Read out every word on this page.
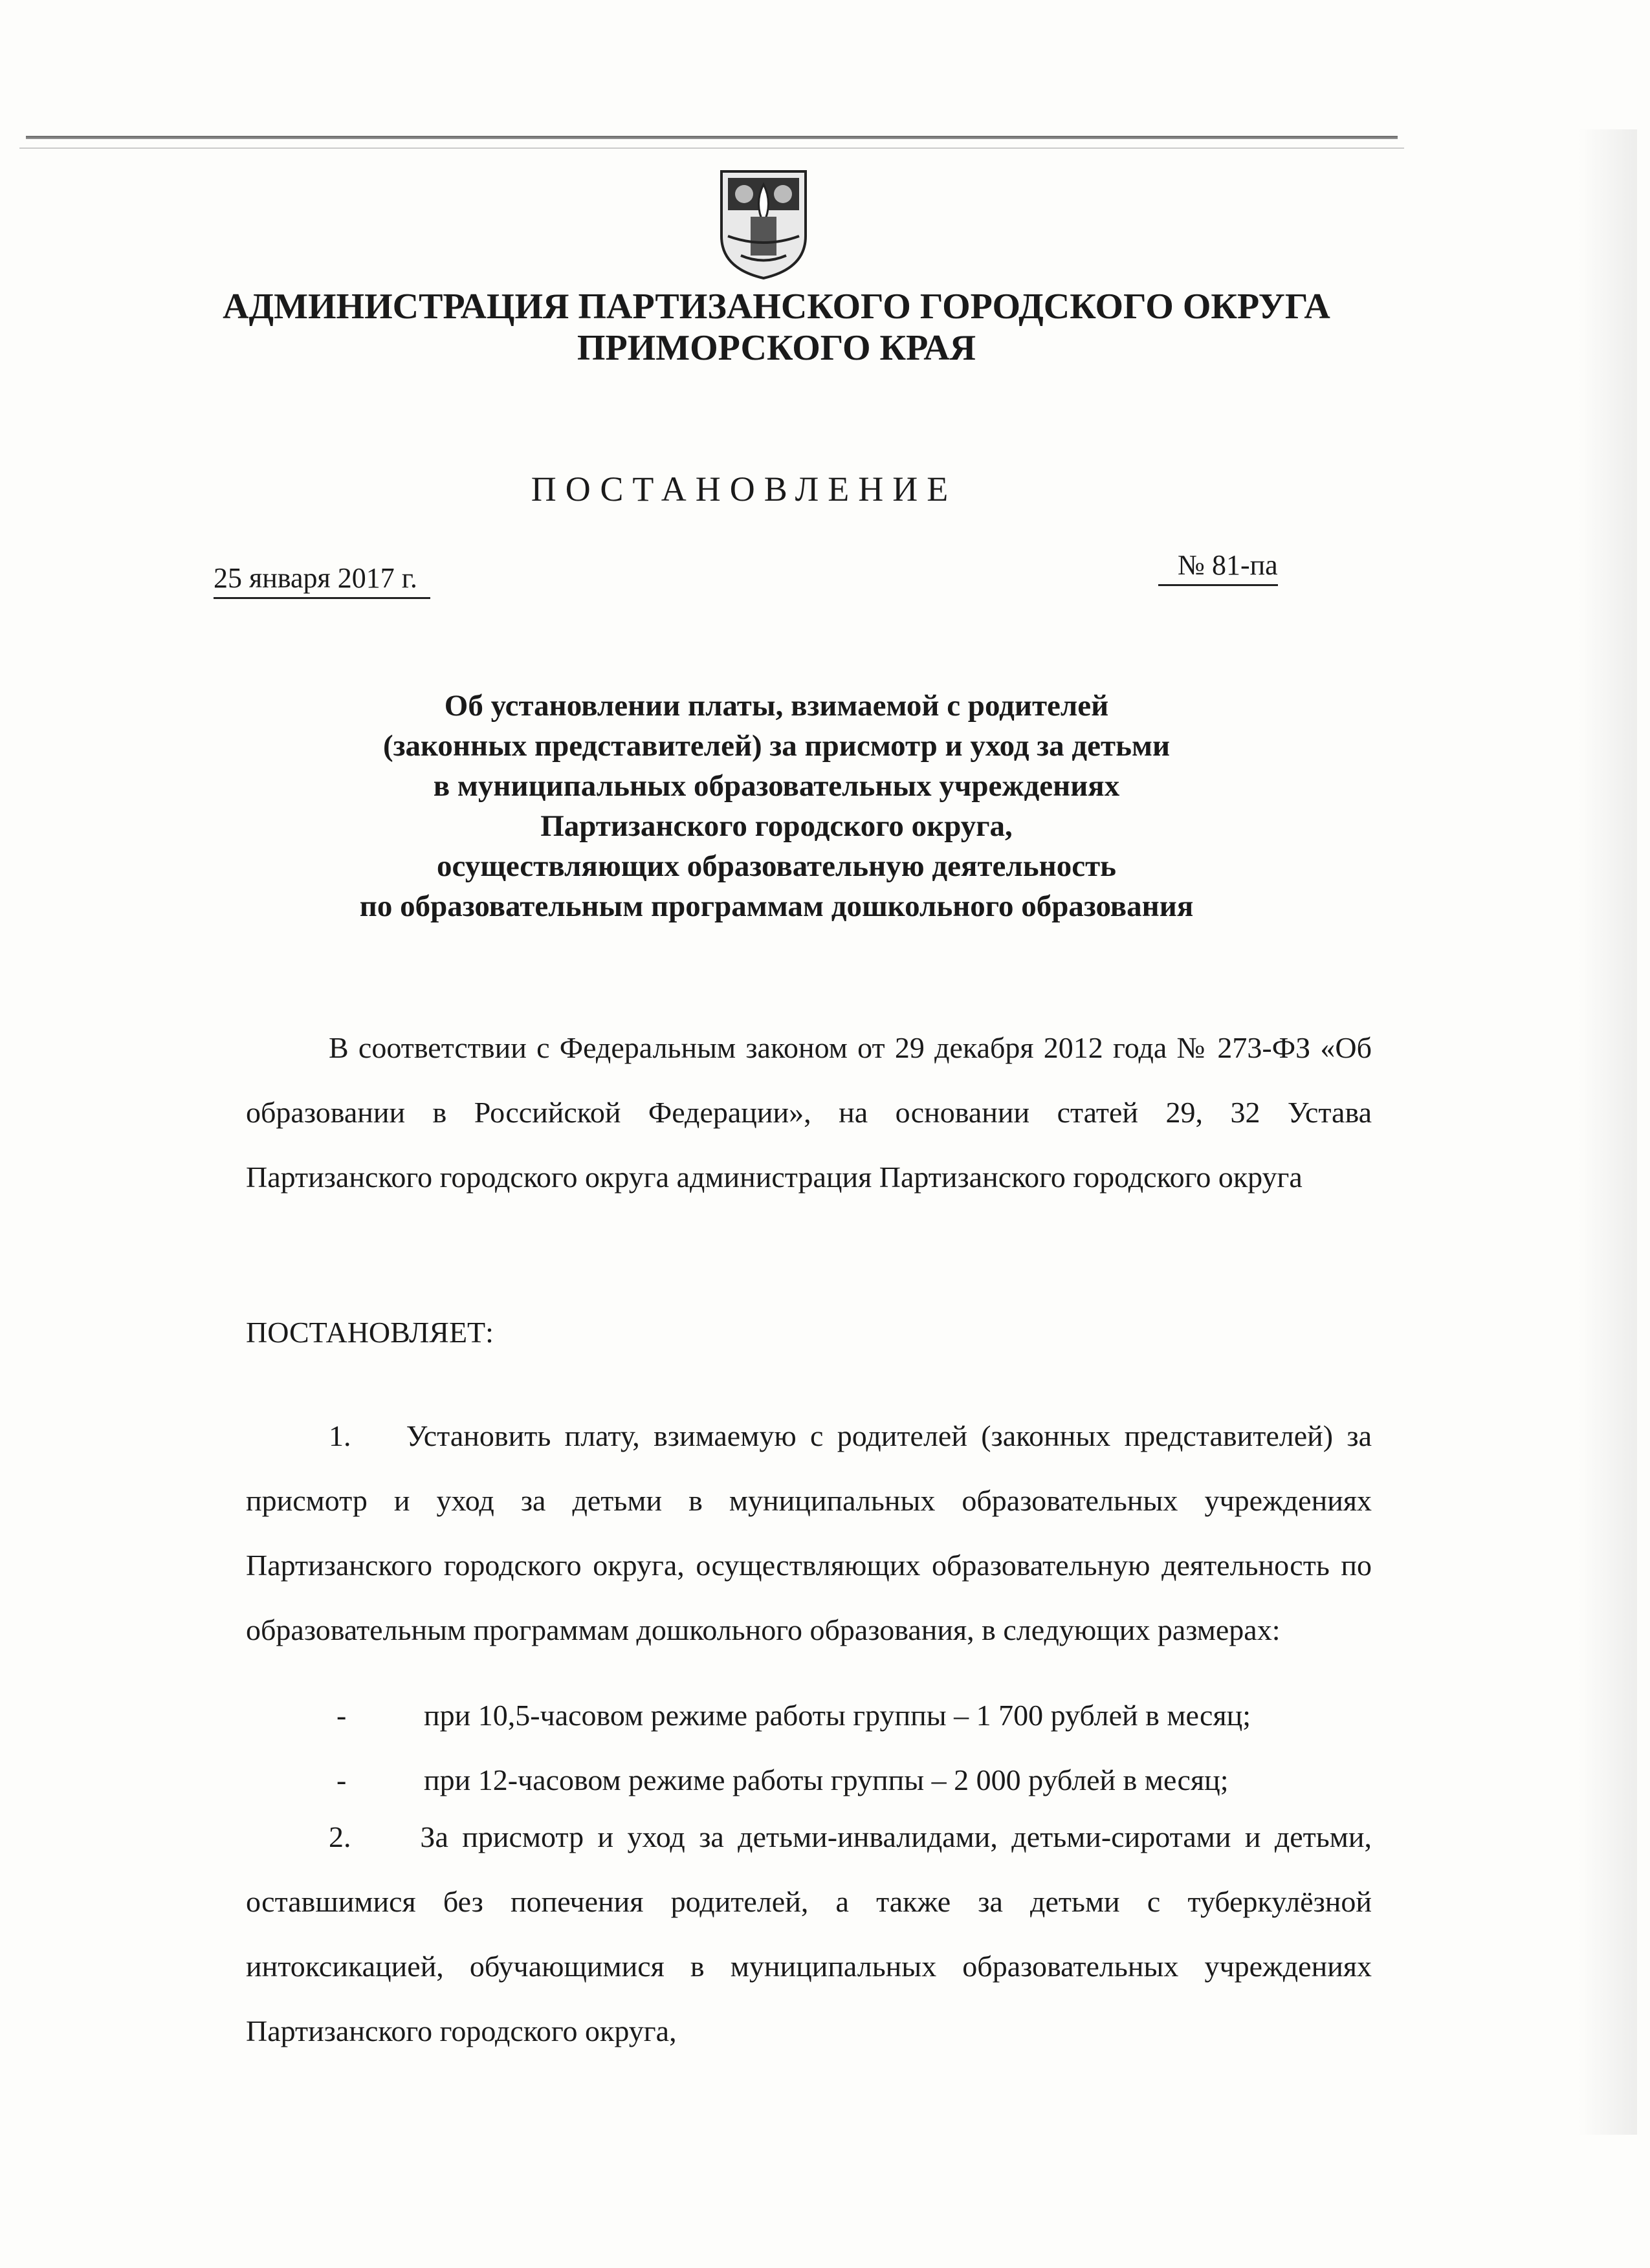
АДМИНИСТРАЦИЯ ПАРТИЗАНСКОГО ГОРОДСКОГО ОКРУГА
ПРИМОРСКОГО КРАЯ
ПОСТАНОВЛЕНИЕ
25 января 2017 г.	№ 81-па
Об установлении платы, взимаемой с родителей
(законных представителей) за присмотр и уход за детьми
в муниципальных образовательных учреждениях
Партизанского городского округа,
осуществляющих образовательную деятельность
по образовательным программам дошкольного образования

В соответствии с Федеральным законом от 29 декабря 2012 года № 273-ФЗ «Об образовании в Российской Федерации», на основании статей 29, 32 Устава Партизанского городского округа администрация Партизанского городского округа

ПОСТАНОВЛЯЕТ:

1.    Установить плату, взимаемую с родителей (законных представителей) за присмотр и уход за детьми в муниципальных образовательных учреждениях Партизанского городского округа, осуществляющих образовательную деятельность по образовательным программам дошкольного образования, в следующих размерах:

-	при 10,5-часовом режиме работы группы – 1 700 рублей в месяц;
-	при 12-часовом режиме работы группы – 2 000 рублей в месяц;

2.     За присмотр и уход за детьми-инвалидами, детьми-сиротами и детьми, оставшимися без попечения родителей, а также за детьми с туберкулёзной интоксикацией, обучающимися в муниципальных образовательных учреждениях Партизанского городского округа,
